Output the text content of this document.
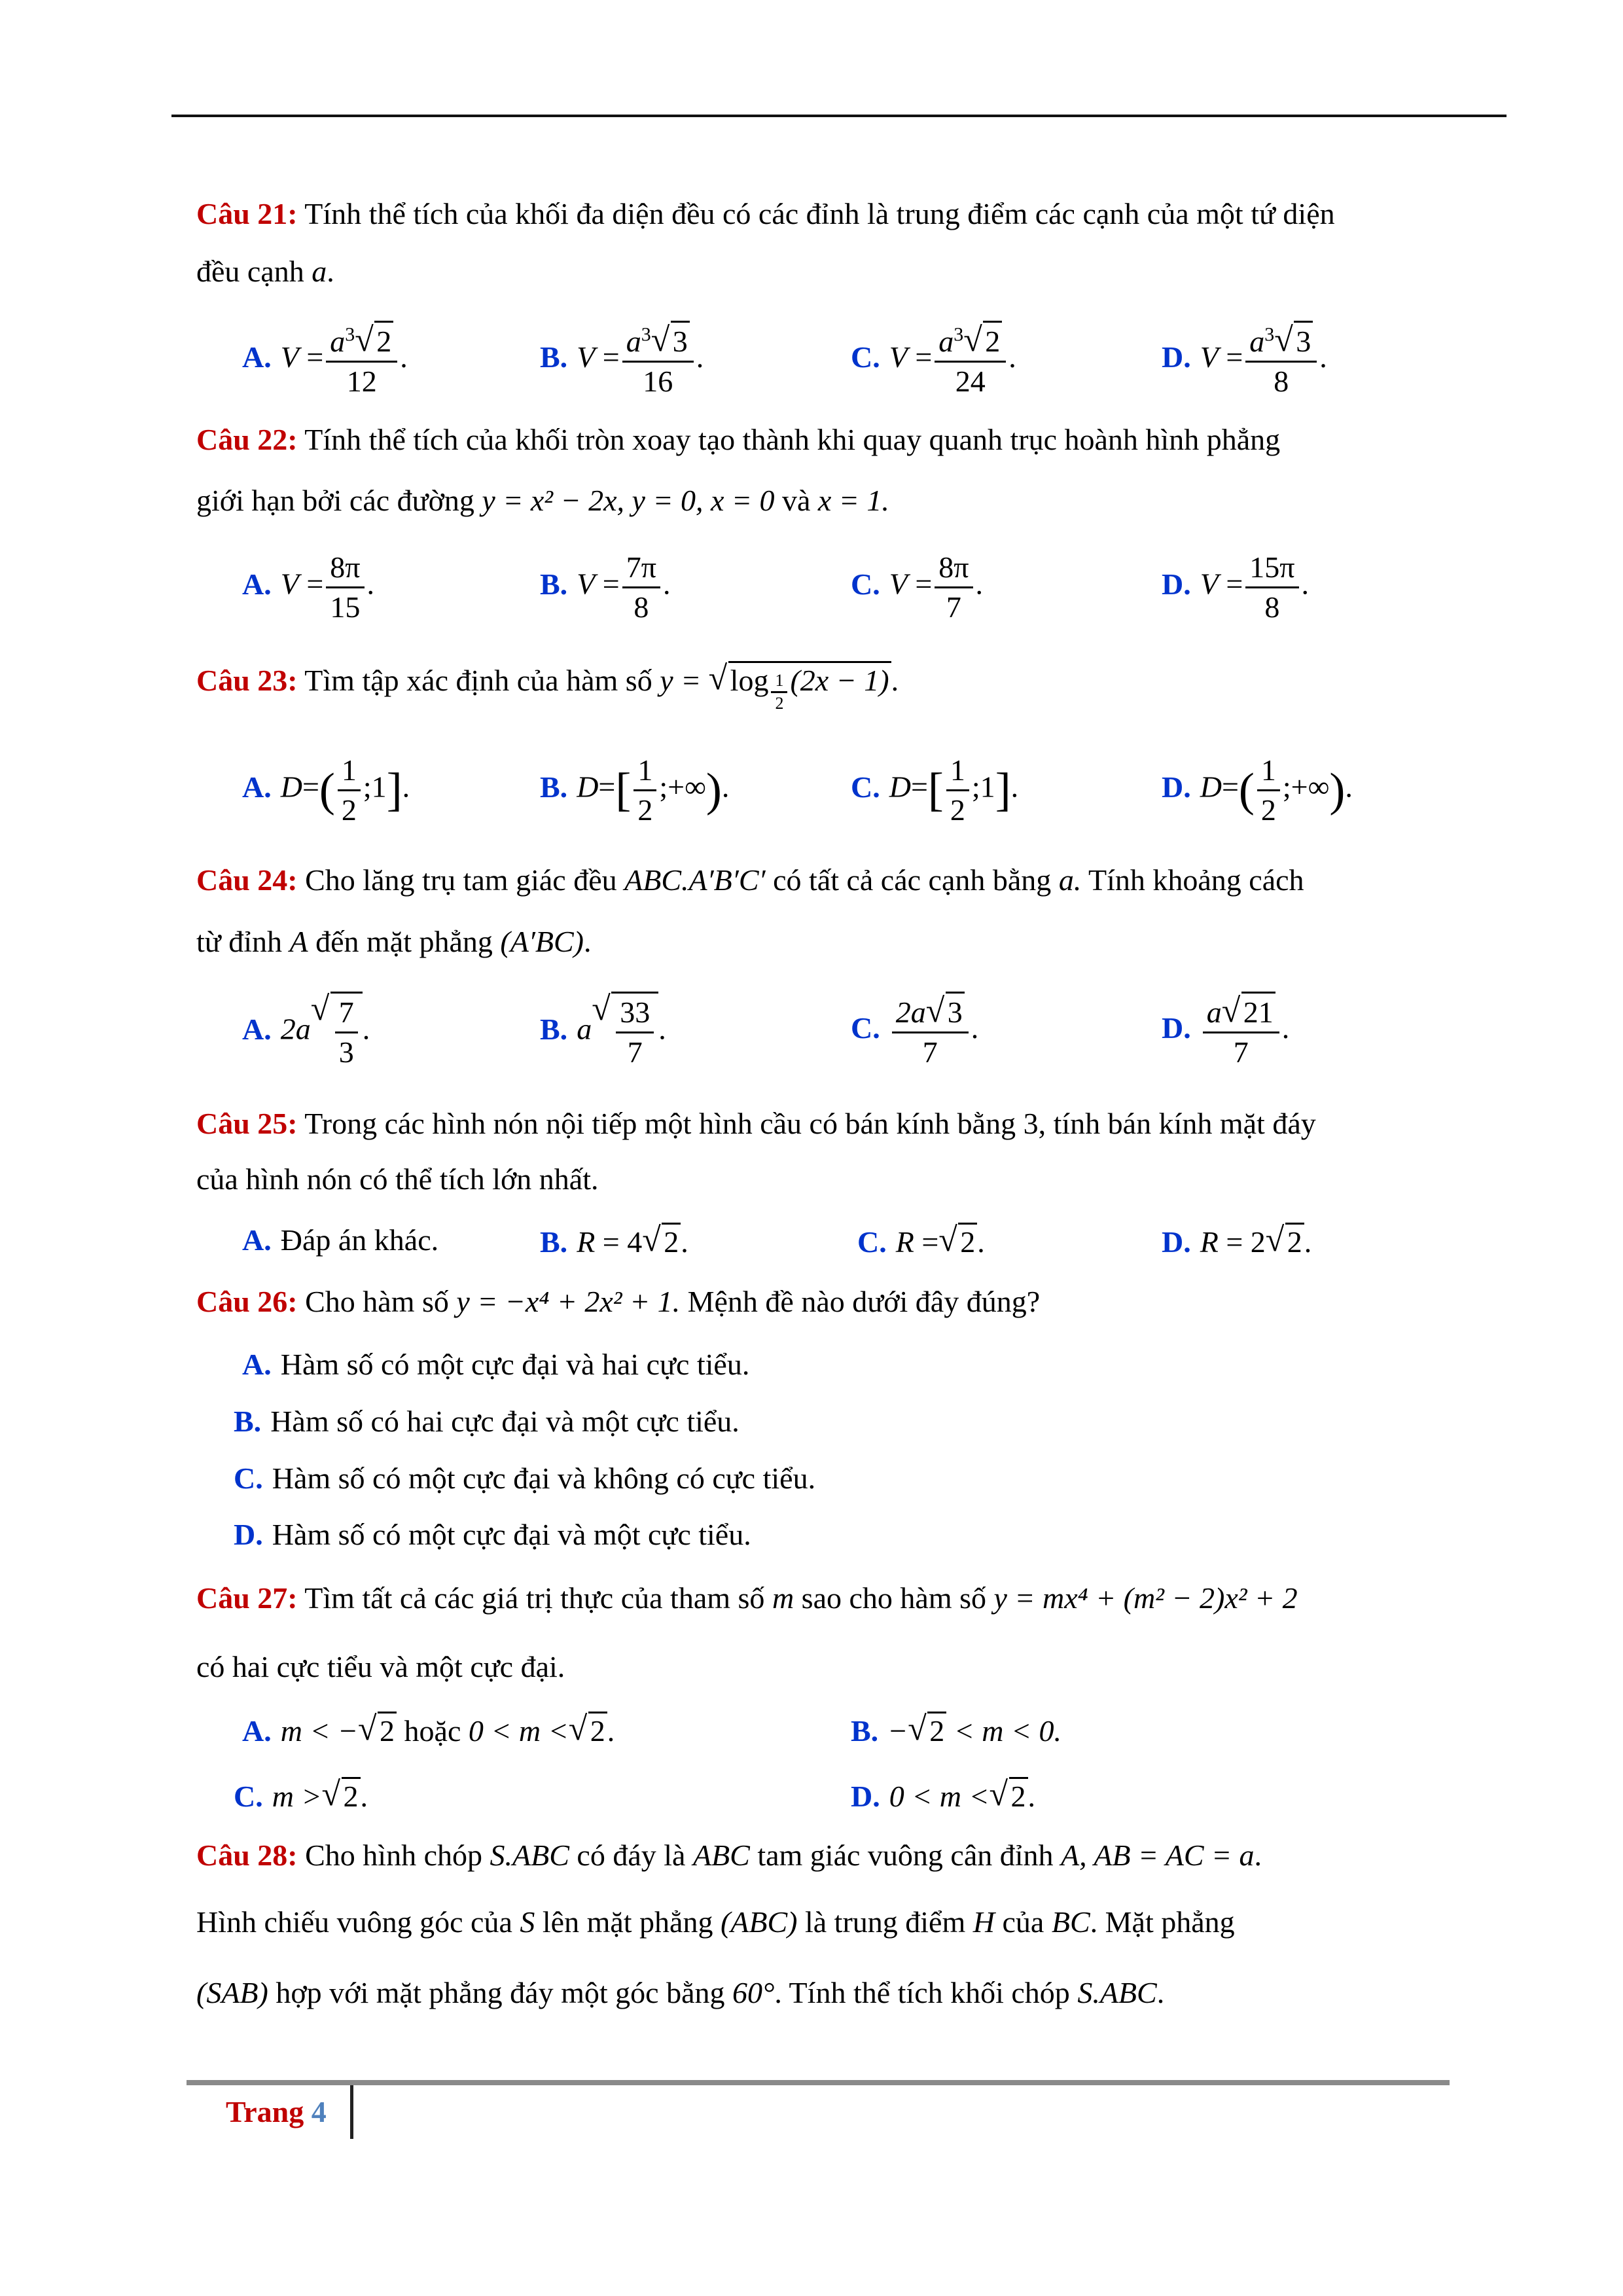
Câu 21: Tính thể tích của khối đa diện đều có các đỉnh là trung điểm các cạnh của một tứ diện
đều cạnh a.
A. $V = \frac{a^3 √ 2}{12}$ .	B. $V = \frac{a^3 √ 3}{16}$ .	C. $V = \frac{a^3 √ 2}{24}$ .	D. $V = \frac{a^3 √ 3}{8}$ .
Câu 22: Tính thể tích của khối tròn xoay tạo thành khi quay quanh trục hoành hình phẳng
giới hạn bởi các đường y = x² − 2x, y = 0, x = 0 và x = 1.
A. $V = \frac{8\pi}{15}$ .	B. $V = \frac{7\pi}{8}$ .	C. $V = \frac{8\pi}{7}$ .	D. $V = \frac{15\pi}{8}$ .
Câu 23: Tìm tập xác định của hàm số y = √ $\log \frac{1}{2} (2x - 1)$.
A. $D=( \frac{1}{2}$ ;1].	B. $D=[ \frac{1}{2}$ ;+∞).	C. $D=[ \frac{1}{2}$ ;1].	D. $D=( \frac{1}{2}$ ;+∞).
Câu 24: Cho lăng trụ tam giác đều ABC.A′B′C′ có tất cả các cạnh bằng a. Tính khoảng cách
từ đỉnh A đến mặt phẳng (A′BC).
A. 2a √ $\frac{7}{3}$ .	B. a √ $\frac{33}{7}$ .	C. $\frac{2a √ 3}{7}$ .	D. $\frac{a √ 21}{7}$ .
Câu 25: Trong các hình nón nội tiếp một hình cầu có bán kính bằng 3, tính bán kính mặt đáy
của hình nón có thể tích lớn nhất.
A. Đáp án khác.	B. R = 4 √ 2.	C. R = √ 2.	D. R = 2 √ 2.
Câu 26: Cho hàm số y = −x⁴ + 2x² + 1. Mệnh đề nào dưới đây đúng?
A. Hàm số có một cực đại và hai cực tiểu.
B. Hàm số có hai cực đại và một cực tiểu.
C. Hàm số có một cực đại và không có cực tiểu.
D. Hàm số có một cực đại và một cực tiểu.
Câu 27: Tìm tất cả các giá trị thực của tham số m sao cho hàm số y = mx⁴ + (m² − 2)x² + 2
có hai cực tiểu và một cực đại.
A. m < − √ 2 hoặc 0 < m < √ 2.	B. − √ 2 < m < 0.
C. m > √ 2.	D. 0 < m < √ 2.
Câu 28: Cho hình chóp S.ABC có đáy là ABC tam giác vuông cân đỉnh A, AB = AC = a.
Hình chiếu vuông góc của S lên mặt phẳng (ABC) là trung điểm H của BC. Mặt phẳng
(SAB) hợp với mặt phẳng đáy một góc bằng 60°. Tính thể tích khối chóp S.ABC.
Trang 4
